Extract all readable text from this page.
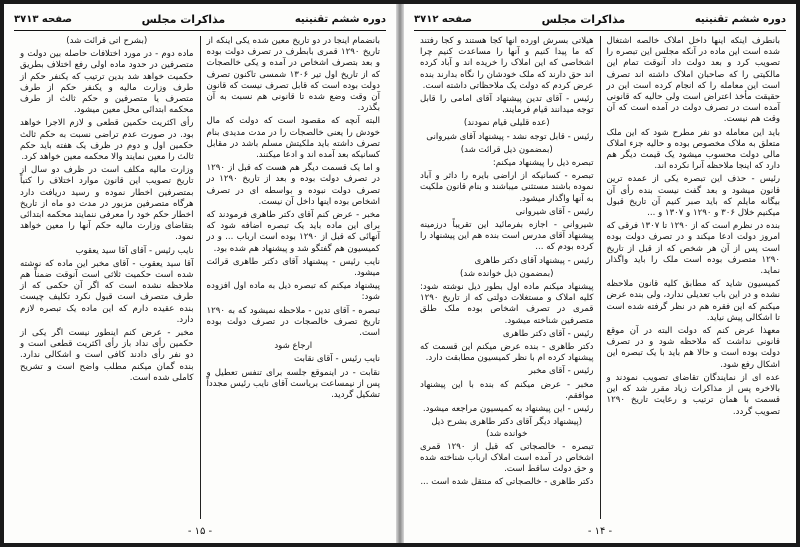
دوره ششم تقنینیه
مذاکرات مجلس
صفحه ۳۷۱۳

بانضمام اینجا در دو تاریخ معین شده یکی اینکه از تاریخ ۱۲۹۰ قمری بابطرف در تصرف دولت بوده و بعد بتصرف اشخاص در آمده و یکی خالصجات که از تاریخ اول تیر ۱۳۰۶ شمسی تاکنون تصرف دولت بوده است که قابل تصرف نیست که قانون آن وقت وضع شده تا قانونی هم نسبت به آن بگذرد.

البته آنچه که مقصود است که دولت که مال خودش را یعنی خالصجات را در مدت مدیدی بنام تصرف داشته باید ملکیتش مسلم باشد در مقابل کسانیکه بعد آمده اند و ادعا میکنند.

و اما یک قسمت دیگر هم هست که قبل از ۱۲۹۰ در تصرف دولت بوده و بعد از تاریخ ۱۲۹۰ در تصرف دولت نبوده و بواسطه ای در تصرف اشخاص بوده اینها داخل آن نیست.

مخبر - عرض کنم آقای دکتر طاهری فرمودند که برای این ماده باید یک تبصره اضافه شود که آنهائی که قبل از ۱۲۹۰ بوده است ارباب ... و در کمیسیون هم گفتگو شد و پیشنهاد هم شده بود.

نایب رئیس - پیشنهاد آقای دکتر طاهری قرائت میشود.

پیشنهاد میکنم که تبصره ذیل به ماده اول افزوده شود:

تبصره - آقای تدین - ملاحظه نمیشود که به ۱۲۹۰ تاریخ تصرف خالصجات در تصرف دولت بوده است.

ارجاع شود

نایب رئیس - آقای نقابت

نقابت - در اینموقع جلسه برای تنفس تعطیل و پس از نیمساعت بریاست آقای نایب رئیس مجدداً تشکیل گردید.

(بشرح آتی قرائت شد)

ماده دوم - در مورد اختلافات حاصله بین دولت و متصرفین در حدود ماده اولی رفع اختلاف بطریق حکمیت خواهد شد بدین ترتیب که یکنفر حکم از طرف وزارت مالیه و یکنفر حکم از طرف متصرف یا متصرفین و حکم ثالث از طرف محکمه ابتدائی محل معین میشود.

رأی اکثریت حکمین قطعی و لازم الاجرا خواهد بود. در صورت عدم تراضی نسبت به حکم ثالث حکمین اول و دوم در ظرف یک هفته باید حکم ثالث را معین نمایند والا محکمه معین خواهد کرد.

وزارت مالیه مکلف است در ظرف دو سال از تاریخ تصویب این قانون موارد اختلاف را کتباً بمتصرفین اخطار نموده و رسید دریافت دارد هرگاه متصرفین مزبور در مدت دو ماه از تاریخ اخطار حکم خود را معرفی ننمایند محکمه ابتدائی بتقاضای وزارت مالیه حکم آنها را معین خواهد نمود.

نایب رئیس - آقای آقا سید یعقوب

آقا سید یعقوب - آقای مخبر این ماده که نوشته شده است حکمیت ثلاثی است آنوقت ضمناً هم ملاحظه نشده است که اگر آن حکمی که از طرف متصرف است قبول نکرد تکلیف چیست بنده عقیده دارم که این ماده یک تبصره لازم دارد.

مخبر - عرض کنم اینطور نیست اگر یکی از حکمین رأی نداد باز رأی اکثریت قطعی است و دو نفر رأی دادند کافی است و اشکالی ندارد. بنده گمان میکنم مطلب واضح است و تشریح کاملی شده است.

- ۱۵ -
دوره ششم تقنینیه
مذاکرات مجلس
صفحه ۳۷۱۲

بانطرف اینکه اینها داخل املاک خالصه اشتغال شده است این ماده در آنکه مجلس این تبصره را تصویب کرد و بعد دولت داد آنوقت تمام این مالکیتی را که صاحبان املاک داشته اند تصرف است این معامله را که انجام کرده است این در حقیقت مأخذ اعتراض است ولی حالیه که قانونی آمده است در تصرف دولت در آمده است که آن وقت هم نیست.

باید این معامله دو نفر مطرح شود که این ملک متعلق به ملاک مخصوص بوده و حالیه جزء املاک مالی دولت محسوب میشود یک قیمت دیگر هم دارد که اینجا ملاحظه آنرا نکرده اند.

رئیس - حذف این تبصره یکی از عمده ترین قانون میشود و بعد گفت نیست بنده رأی آن بیگانه مایلم که باید صبر کنیم آن تاریخ قبول میکنیم خلال ۳۰۶ و ۱۲۹۰ و ۱۳۰۷ و ...

بنده در نظرم است که از ۱۲۹۰ تا ۱۳۰۷ فرقی که امروز دولت ادعا میکند و در تصرف دولت بوده است پس از آن هر شخص که از قبل از تاریخ ۱۲۹۰ متصرف بوده است ملک را باید واگذار نماید.

کمیسیون شاید که مطابق کلیه قانون ملاحظه نشده و در این باب تعدیلی ندارد، ولی بنده عرض میکنم که این فقره هم در نظر گرفته شده است تا اشکالی پیش نیاید.

معهذا عرض کنم که دولت البته در آن موقع قانونی نداشت که ملاحظه شود و در تصرف دولت بوده است و حالا هم باید با یک تبصره این اشکال رفع شود.

عده ای از نمایندگان تقاضای تصویب نمودند و بالاخره پس از مذاکرات زیاد مقرر شد که این قسمت با همان ترتیب و رعایت تاریخ ۱۲۹۰ تصویب گردد.

هیلاتی بسرش آورده آنها کجا هستند و کجا رفتند که ما پیدا کنیم و آنها را مساعدت کنیم چرا اشخاصی که این املاک را خریده اند و آباد کرده اند حق دارند که ملک خودشان را نگاه بدارند بنده عرض کردم که دولت یک ملاحظاتی داشته است.

رئیس - آقای تدین پیشنهاد آقای امامی را قابل توجه میدانند قیام فرمایند.

(عده قلیلی قیام نمودند)

رئیس - قابل توجه نشد - پیشنهاد آقای شیروانی

(بمضمون ذیل قرائت شد)

تبصره ذیل را پیشنهاد میکنم:

تبصره - کسانیکه از اراضی بایره را داثر و آباد نموده باشند مستثنی میباشند و بنام قانون ملکیت به آنها واگذار میشود.

رئیس - آقای شیروانی

شیروانی - اجازه بفرمائید این تقریباً درزمینه پیشنهاد آقای مدرس است بنده هم این پیشنهاد را کرده بودم که ...

رئیس - پیشنهاد آقای دکتر طاهری

(بمضمون ذیل خوانده شد)

پیشنهاد میکنم ماده اول بطور ذیل نوشته شود: کلیه املاک و مستغلات دولتی که از تاریخ ۱۲۹۰ قمری در تصرف اشخاص بوده ملک طلق متصرفین شناخته میشود.

رئیس - آقای دکتر طاهری

دکتر طاهری - بنده عرض میکنم این قسمت که پیشنهاد کرده ام با نظر کمیسیون مطابقت دارد.

رئیس - آقای مخبر

مخبر - عرض میکنم که بنده با این پیشنهاد موافقم.

رئیس - این پیشنهاد به کمیسیون مراجعه میشود.

(پیشنهاد دیگر آقای دکتر طاهری بشرح ذیل خوانده شد)

تبصره - خالصجاتی که قبل از ۱۲۹۰ قمری اشخاص در آمده است املاک ارباب شناخته شده و حق دولت ساقط است.

دکتر طاهری - خالصجاتی که منتقل شده است ...

- ۱۴ -
